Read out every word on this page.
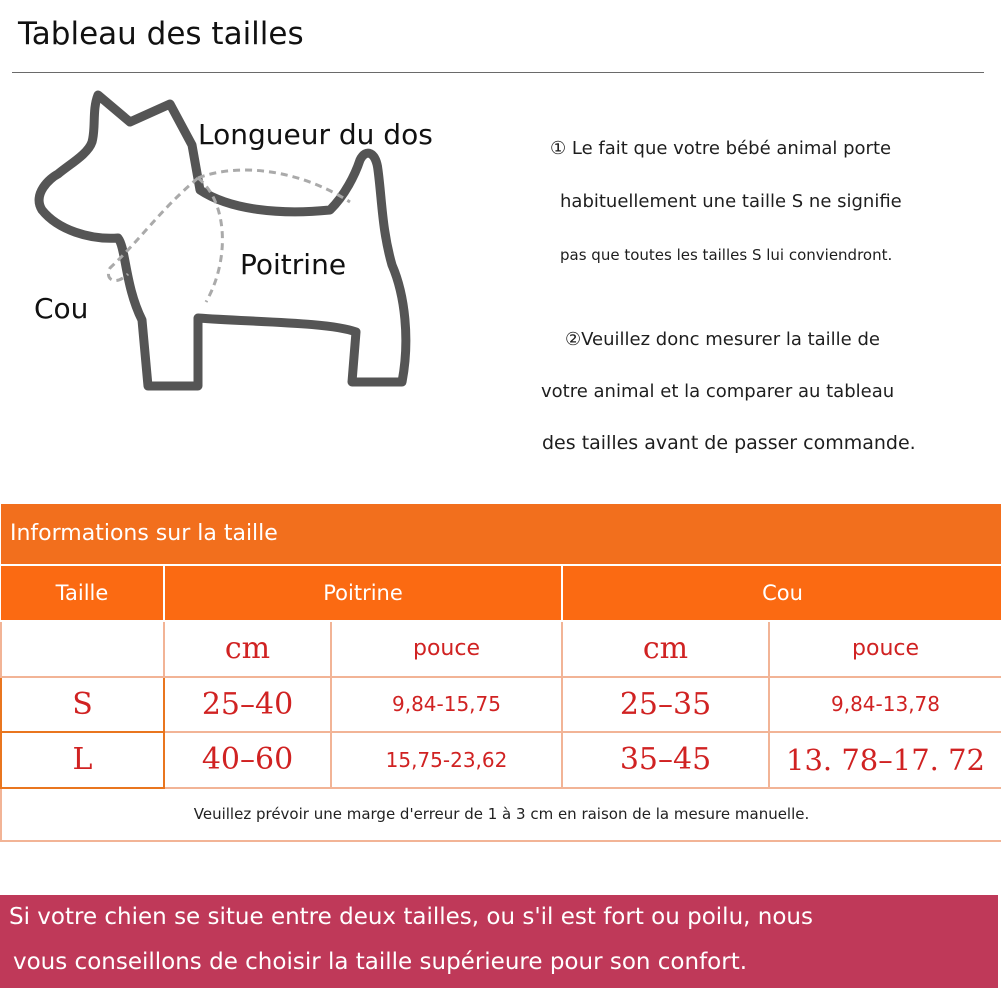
Tableau des tailles
Longueur du dos
Poitrine
Cou
① Le fait que votre bébé animal porte
habituellement une taille S ne signifie
pas que toutes les tailles S lui conviendront.
②Veuillez donc mesurer la taille de
votre animal et la comparer au tableau
des tailles avant de passer commande.
Informations sur la taille				
Taille	Poitrine		Cou	
	cm	pouce	cm	pouce
S	25–40	9,84-15,75	25–35	9,84-13,78
L	40–60	15,75-23,62	35–45	13. 78–17. 72
Veuillez prévoir une marge d'erreur de 1 à 3 cm en raison de la mesure manuelle.				
Si votre chien se situe entre deux tailles, ou s'il est fort ou poilu, nous
vous conseillons de choisir la taille supérieure pour son confort.
